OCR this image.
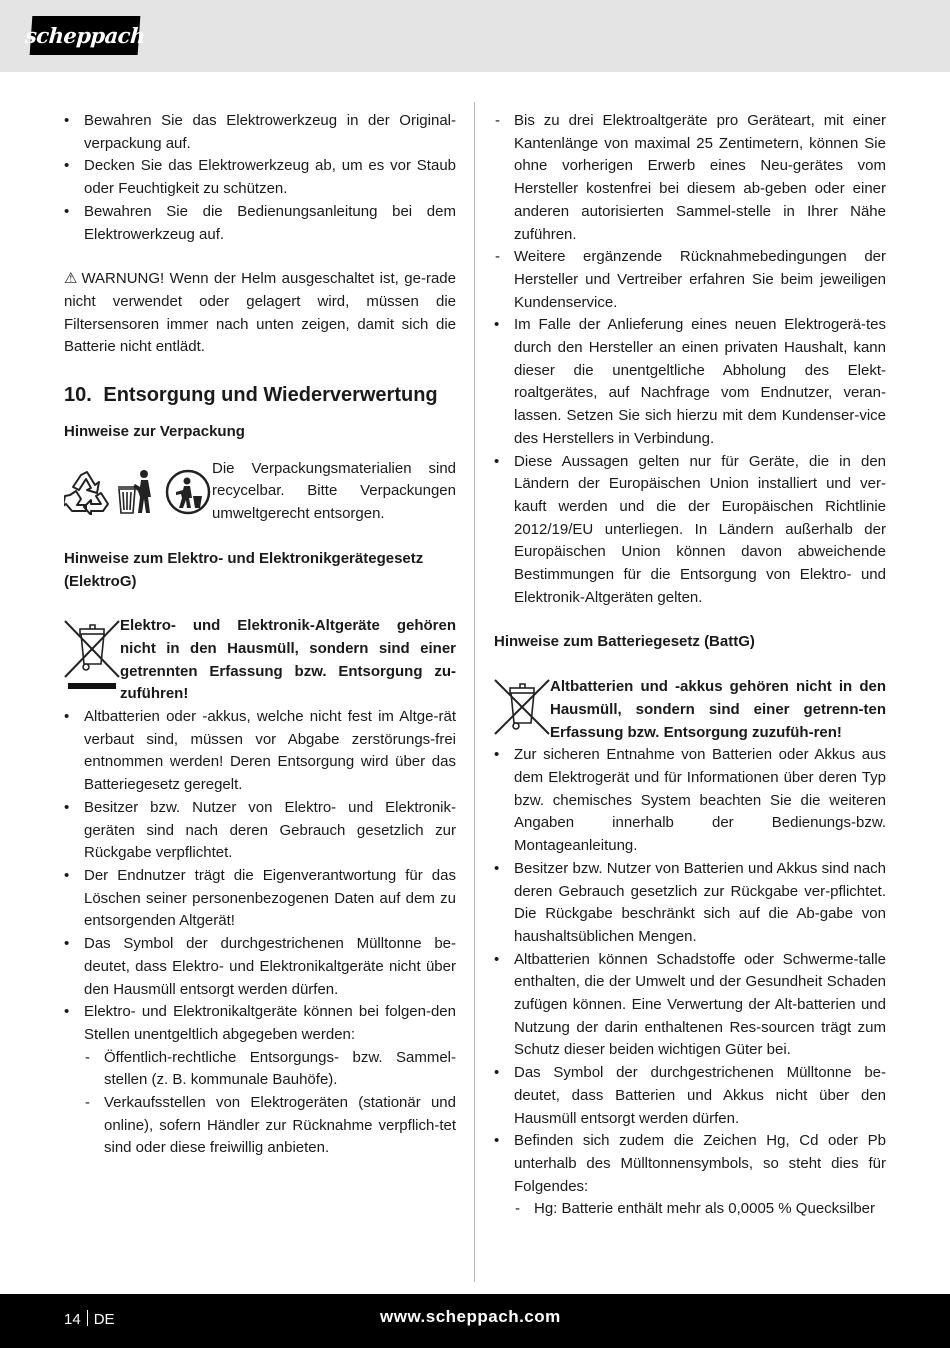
scheppach
• Bewahren Sie das Elektrowerkzeug in der Original-verpackung auf.
• Decken Sie das Elektrowerkzeug ab, um es vor Staub oder Feuchtigkeit zu schützen.
• Bewahren Sie die Bedienungsanleitung bei dem Elektrowerkzeug auf.

⚠ WARNUNG! Wenn der Helm ausgeschaltet ist, ge-rade nicht verwendet oder gelagert wird, müssen die Filtersensoren immer nach unten zeigen, damit sich die Batterie nicht entlädt.

10. Entsorgung und Wiederverwertung
Hinweise zur Verpackung

Die Verpackungsmaterialien sind recycelbar. Bitte Verpackungen umweltgerecht entsorgen.

Hinweise zum Elektro- und Elektronikgerätegesetz (ElektroG)

Elektro- und Elektronik-Altgeräte gehören nicht in den Hausmüll, sondern sind einer getrennten Erfassung bzw. Entsorgung zu-zuführen!

• Altbatterien oder -akkus, welche nicht fest im Altge-rät verbaut sind, müssen vor Abgabe zerstörungs-frei entnommen werden! Deren Entsorgung wird über das Batteriegesetz geregelt.
• Besitzer bzw. Nutzer von Elektro- und Elektronik-geräten sind nach deren Gebrauch gesetzlich zur Rückgabe verpflichtet.
• Der Endnutzer trägt die Eigenverantwortung für das Löschen seiner personenbezogenen Daten auf dem zu entsorgenden Altgerät!
• Das Symbol der durchgestrichenen Mülltonne be-deutet, dass Elektro- und Elektronikaltgeräte nicht über den Hausmüll entsorgt werden dürfen.
• Elektro- und Elektronikaltgeräte können bei folgen-den Stellen unentgeltlich abgegeben werden:
- Öffentlich-rechtliche Entsorgungs- bzw. Sammel-stellen (z. B. kommunale Bauhöfe).
- Verkaufsstellen von Elektrogeräten (stationär und online), sofern Händler zur Rücknahme verpflich-tet sind oder diese freiwillig anbieten.
- Bis zu drei Elektroaltgeräte pro Geräteart, mit einer Kantenlänge von maximal 25 Zentimetern, können Sie ohne vorherigen Erwerb eines Neu-gerätes vom Hersteller kostenfrei bei diesem ab-geben oder einer anderen autorisierten Sammel-stelle in Ihrer Nähe zuführen.
- Weitere ergänzende Rücknahmebedingungen der Hersteller und Vertreiber erfahren Sie beim jeweiligen Kundenservice.
• Im Falle der Anlieferung eines neuen Elektrogerä-tes durch den Hersteller an einen privaten Haushalt, kann dieser die unentgeltliche Abholung des Elekt-roaltgerätes, auf Nachfrage vom Endnutzer, veran-lassen. Setzen Sie sich hierzu mit dem Kundenser-vice des Herstellers in Verbindung.
• Diese Aussagen gelten nur für Geräte, die in den Ländern der Europäischen Union installiert und ver-kauft werden und die der Europäischen Richtlinie 2012/19/EU unterliegen. In Ländern außerhalb der Europäischen Union können davon abweichende Bestimmungen für die Entsorgung von Elektro- und Elektronik-Altgeräten gelten.
Hinweise zum Batteriegesetz (BattG)

Altbatterien und -akkus gehören nicht in den Hausmüll, sondern sind einer getrenn-ten Erfassung bzw. Entsorgung zuzufüh-ren!

• Zur sicheren Entnahme von Batterien oder Akkus aus dem Elektrogerät und für Informationen über deren Typ bzw. chemisches System beachten Sie die weiteren Angaben innerhalb der Bedienungs-bzw. Montageanleitung.
• Besitzer bzw. Nutzer von Batterien und Akkus sind nach deren Gebrauch gesetzlich zur Rückgabe ver-pflichtet. Die Rückgabe beschränkt sich auf die Ab-gabe von haushaltsüblichen Mengen.
• Altbatterien können Schadstoffe oder Schwerme-talle enthalten, die der Umwelt und der Gesundheit Schaden zufügen können. Eine Verwertung der Alt-batterien und Nutzung der darin enthaltenen Res-sourcen trägt zum Schutz dieser beiden wichtigen Güter bei.
• Das Symbol der durchgestrichenen Mülltonne be-deutet, dass Batterien und Akkus nicht über den Hausmüll entsorgt werden dürfen.
• Befinden sich zudem die Zeichen Hg, Cd oder Pb unterhalb des Mülltonnensymbols, so steht dies für Folgendes:
- Hg: Batterie enthält mehr als 0,0005 % Quecksilber
14 DE	www.scheppach.com
